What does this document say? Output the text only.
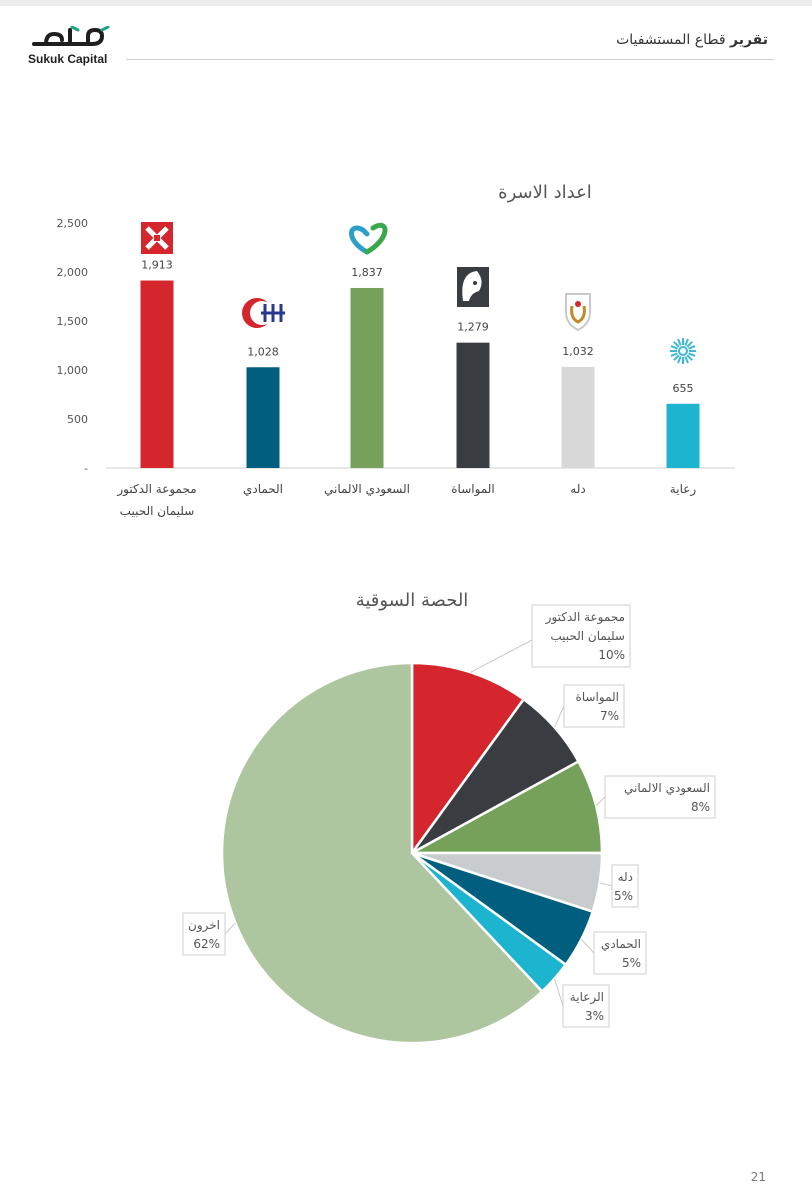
Sukuk Capital
تقرير قطاع المستشفيات
اعداد الاسرة
-
500
1,000
1,500
2,000
2,500
1,913
مجموعة الدكتور
سليمان الحبيب
1,028
الحمادي
1,837
السعودي الالماني
1,279
المواساة
1,032
دله
655
رعاية
الحصة السوقية
مجموعة الدكتور
سليمان الحبيب
10%
المواساة
7%
السعودي الالماني
8%
دله
5%
الحمادي
5%
الرعاية
3%
اخرون
62%
21
